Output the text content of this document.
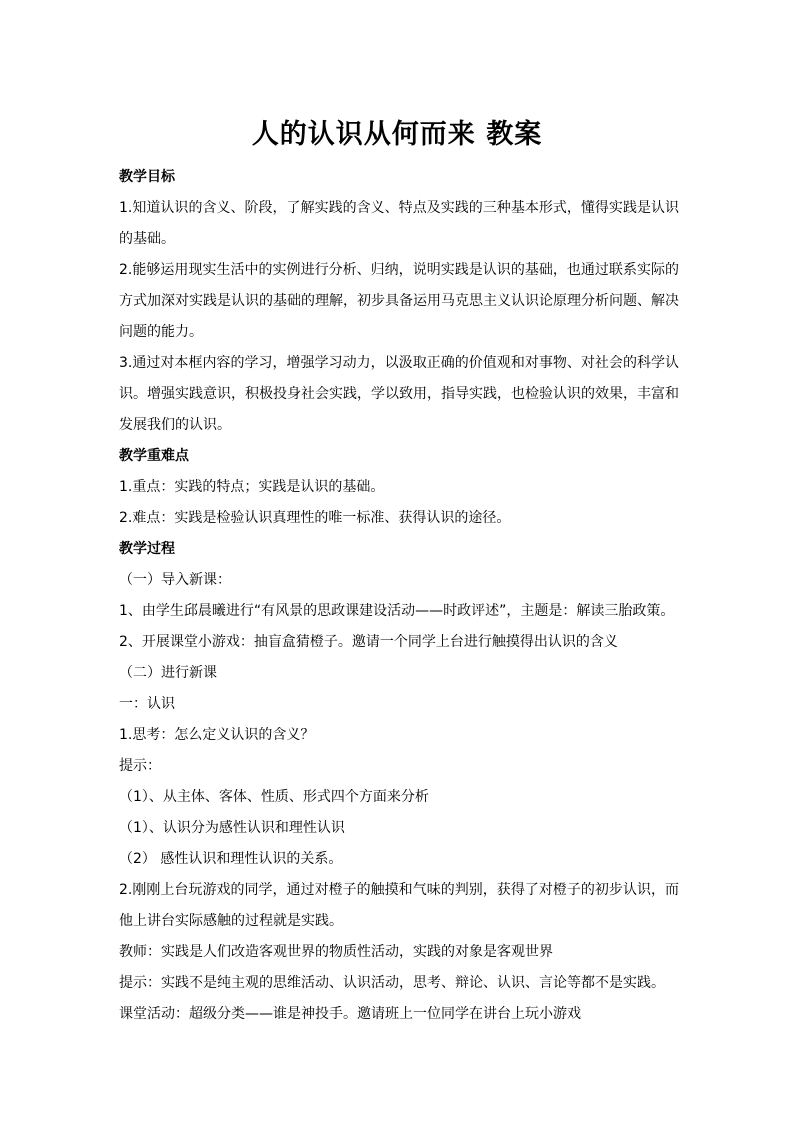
人的认识从何而来 教案
教学目标
1.知道认识的含义、阶段，了解实践的含义、特点及实践的三种基本形式，懂得实践是认识的基础。
2.能够运用现实生活中的实例进行分析、归纳，说明实践是认识的基础，也通过联系实际的方式加深对实践是认识的基础的理解，初步具备运用马克思主义认识论原理分析问题、解决问题的能力。
3.通过对本框内容的学习，增强学习动力，以汲取正确的价值观和对事物、对社会的科学认识。增强实践意识，积极投身社会实践，学以致用，指导实践，也检验认识的效果，丰富和发展我们的认识。
教学重难点
1.重点：实践的特点；实践是认识的基础。
2.难点：实践是检验认识真理性的唯一标准、获得认识的途径。
教学过程
（一）导入新课：
1、由学生邱晨曦进行“有风景的思政课建设活动——时政评述”，主题是：解读三胎政策。
2、开展课堂小游戏：抽盲盒猜橙子。邀请一个同学上台进行触摸得出认识的含义
（二）进行新课
一：认识
1.思考：怎么定义认识的含义？
提示：
（1）、从主体、客体、性质、形式四个方面来分析
（1）、认识分为感性认识和理性认识
（2） 感性认识和理性认识的关系。
2.刚刚上台玩游戏的同学，通过对橙子的触摸和气味的判别，获得了对橙子的初步认识，而他上讲台实际感触的过程就是实践。
教师：实践是人们改造客观世界的物质性活动，实践的对象是客观世界
提示：实践不是纯主观的思维活动、认识活动，思考、辩论、认识、言论等都不是实践。
课堂活动：超级分类——谁是神投手。邀请班上一位同学在讲台上玩小游戏
